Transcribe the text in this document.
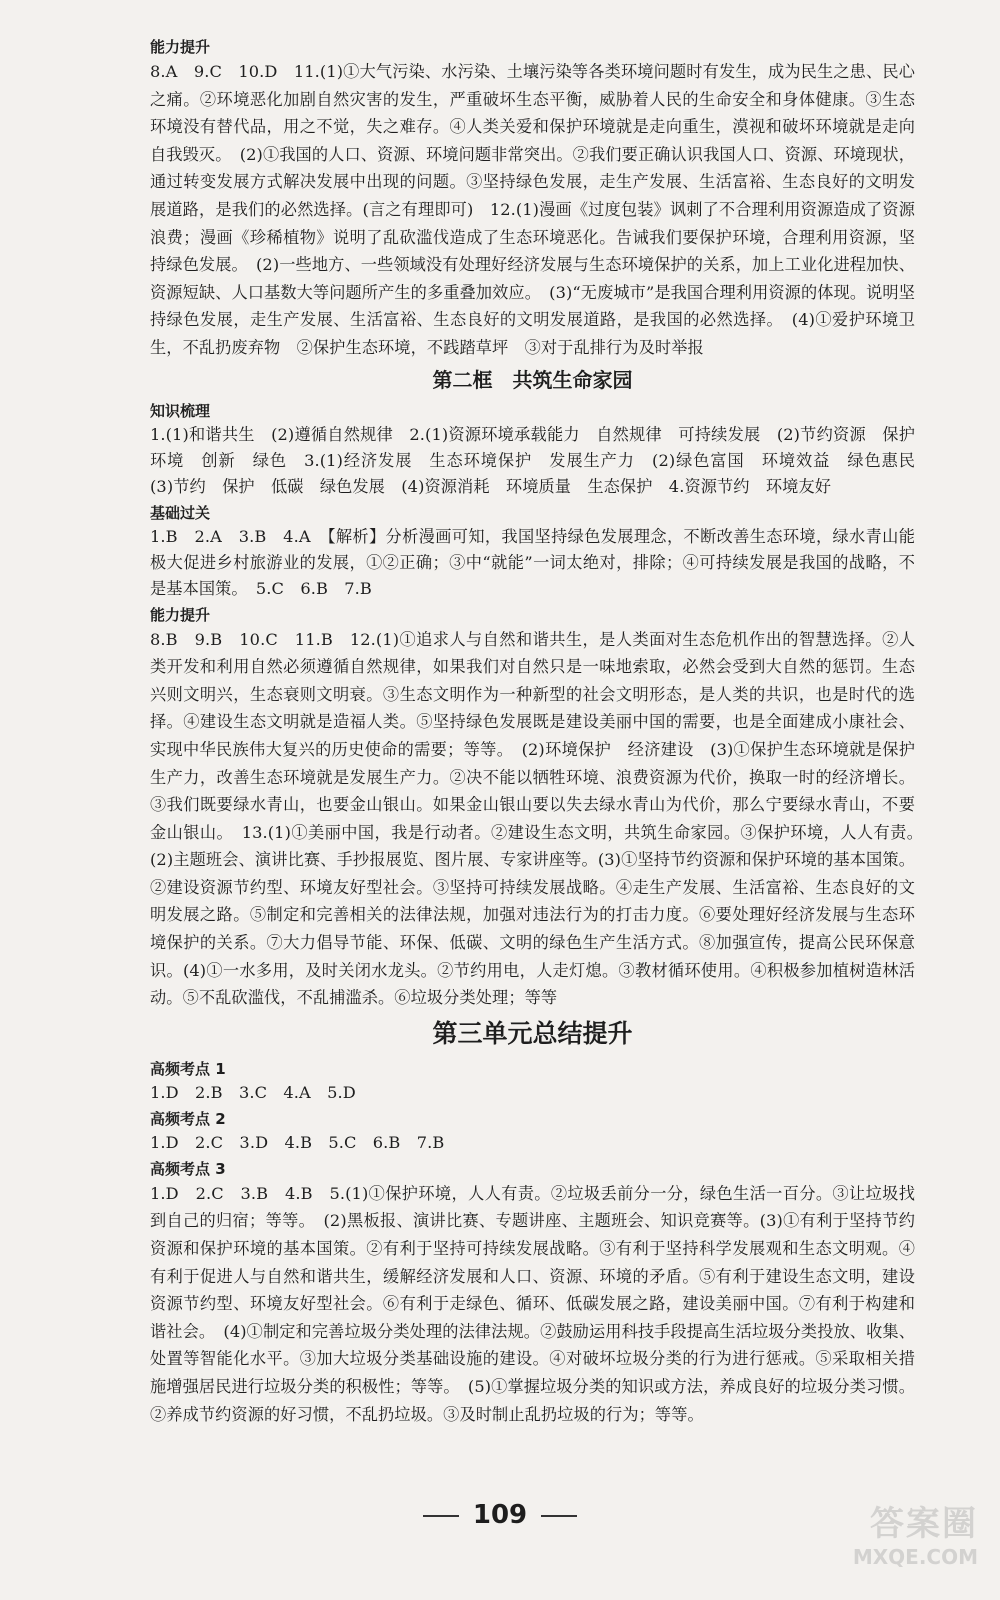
能力提升

8.A　9.C　10.D　11.(1)①大气污染、水污染、土壤污染等各类环境问题时有发生，成为民生之患、民心之痛。②环境恶化加剧自然灾害的发生，严重破坏生态平衡，威胁着人民的生命安全和身体健康。③生态环境没有替代品，用之不觉，失之难存。④人类关爱和保护环境就是走向重生，漠视和破坏环境就是走向自我毁灭。　(2)①我国的人口、资源、环境问题非常突出。②我们要正确认识我国人口、资源、环境现状，通过转变发展方式解决发展中出现的问题。③坚持绿色发展，走生产发展、生活富裕、生态良好的文明发展道路，是我们的必然选择。(言之有理即可)　12.(1)漫画《过度包装》讽刺了不合理利用资源造成了资源浪费；漫画《珍稀植物》说明了乱砍滥伐造成了生态环境恶化。告诫我们要保护环境，合理利用资源，坚持绿色发展。　(2)一些地方、一些领域没有处理好经济发展与生态环境保护的关系，加上工业化进程加快、资源短缺、人口基数大等问题所产生的多重叠加效应。　(3)“无废城市”是我国合理利用资源的体现。说明坚持绿色发展，走生产发展、生活富裕、生态良好的文明发展道路，是我国的必然选择。　(4)①爱护环境卫生，不乱扔废弃物　②保护生态环境，不践踏草坪　③对于乱排行为及时举报

第二框　共筑生命家园
知识梳理

1.(1)和谐共生　(2)遵循自然规律　2.(1)资源环境承载能力　自然规律　可持续发展　(2)节约资源　保护环境　创新　绿色　3.(1)经济发展　生态环境保护　发展生产力　(2)绿色富国　环境效益　绿色惠民　(3)节约　保护　低碳　绿色发展　(4)资源消耗　环境质量　生态保护　4.资源节约　环境友好

基础过关

1.B　2.A　3.B　4.A　【解析】分析漫画可知，我国坚持绿色发展理念，不断改善生态环境，绿水青山能极大促进乡村旅游业的发展，①②正确；③中“就能”一词太绝对，排除；④可持续发展是我国的战略，不是基本国策。　5.C　6.B　7.B

能力提升

8.B　9.B　10.C　11.B　12.(1)①追求人与自然和谐共生，是人类面对生态危机作出的智慧选择。②人类开发和利用自然必须遵循自然规律，如果我们对自然只是一味地索取，必然会受到大自然的惩罚。生态兴则文明兴，生态衰则文明衰。③生态文明作为一种新型的社会文明形态，是人类的共识，也是时代的选择。④建设生态文明就是造福人类。⑤坚持绿色发展既是建设美丽中国的需要，也是全面建成小康社会、实现中华民族伟大复兴的历史使命的需要；等等。　(2)环境保护　经济建设　(3)①保护生态环境就是保护生产力，改善生态环境就是发展生产力。②决不能以牺牲环境、浪费资源为代价，换取一时的经济增长。③我们既要绿水青山，也要金山银山。如果金山银山要以失去绿水青山为代价，那么宁要绿水青山，不要金山银山。　13.(1)①美丽中国，我是行动者。②建设生态文明，共筑生命家园。③保护环境，人人有责。　(2)主题班会、演讲比赛、手抄报展览、图片展、专家讲座等。(3)①坚持节约资源和保护环境的基本国策。②建设资源节约型、环境友好型社会。③坚持可持续发展战略。④走生产发展、生活富裕、生态良好的文明发展之路。⑤制定和完善相关的法律法规，加强对违法行为的打击力度。⑥要处理好经济发展与生态环境保护的关系。⑦大力倡导节能、环保、低碳、文明的绿色生产生活方式。⑧加强宣传，提高公民环保意识。(4)①一水多用，及时关闭水龙头。②节约用电，人走灯熄。③教材循环使用。④积极参加植树造林活动。⑤不乱砍滥伐，不乱捕滥杀。⑥垃圾分类处理；等等

第三单元总结提升
高频考点 1

1.D　2.B　3.C　4.A　5.D

高频考点 2

1.D　2.C　3.D　4.B　5.C　6.B　7.B

高频考点 3

1.D　2.C　3.B　4.B　5.(1)①保护环境，人人有责。②垃圾丢前分一分，绿色生活一百分。③让垃圾找到自己的归宿；等等。　(2)黑板报、演讲比赛、专题讲座、主题班会、知识竞赛等。(3)①有利于坚持节约资源和保护环境的基本国策。②有利于坚持可持续发展战略。③有利于坚持科学发展观和生态文明观。④有利于促进人与自然和谐共生，缓解经济发展和人口、资源、环境的矛盾。⑤有利于建设生态文明，建设资源节约型、环境友好型社会。⑥有利于走绿色、循环、低碳发展之路，建设美丽中国。⑦有利于构建和谐社会。　(4)①制定和完善垃圾分类处理的法律法规。②鼓励运用科技手段提高生活垃圾分类投放、收集、处置等智能化水平。③加大垃圾分类基础设施的建设。④对破坏垃圾分类的行为进行惩戒。⑤采取相关措施增强居民进行垃圾分类的积极性；等等。　(5)①掌握垃圾分类的知识或方法，养成良好的垃圾分类习惯。②养成节约资源的好习惯，不乱扔垃圾。③及时制止乱扔垃圾的行为；等等。

109	答案圈
MXQE.COM
